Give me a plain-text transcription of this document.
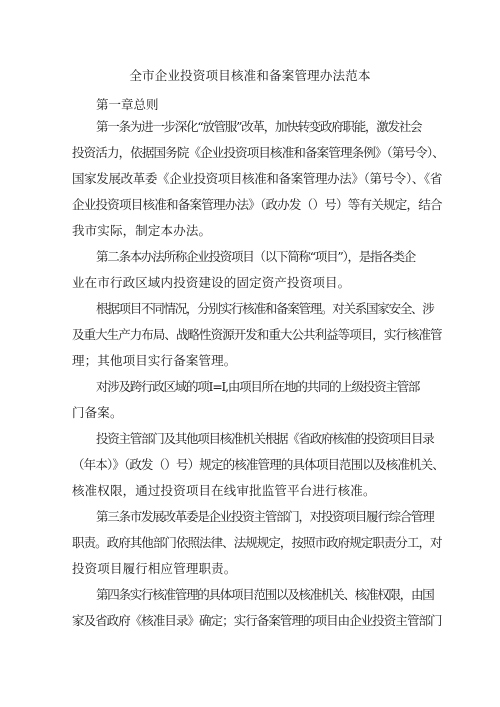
全市企业投资项目核准和备案管理办法范本
第一章总则
第一条为进一步深化“放管服”改革，加快转变政府职能，激发社会
投资活力，依据国务院《企业投资项目核准和备案管理条例》（第号令）、
国家发展改革委《企业投资项目核准和备案管理办法》（第号令）、《省
企业投资项目核准和备案管理办法》（政办发（）号）等有关规定，结合
我市实际，制定本办法。
第二条本办法所称企业投资项目（以下简称“项目”），是指各类企
业在市行政区域内投资建设的固定资产投资项目。
根据项目不同情况，分别实行核准和备案管理。对关系国家安全、涉
及重大生产力布局、战略性资源开发和重大公共利益等项目，实行核准管
理；其他项目实行备案管理。
对涉及跨行政区域的项I=I,由项目所在地的共同的上级投资主管部
门备案。
投资主管部门及其他项目核准机关根据《省政府核准的投资项目目录
（年本）》（政发（）号）规定的核准管理的具体项目范围以及核准机关、
核准权限，通过投资项目在线审批监管平台进行核准。
第三条市发展改革委是企业投资主管部门，对投资项目履行综合管理
职责。政府其他部门依照法律、法规规定，按照市政府规定职责分工，对
投资项目履行相应管理职责。
第四条实行核准管理的具体项目范围以及核准机关、核准权限，由国
家及省政府《核准目录》确定；实行备案管理的项目由企业投资主管部门
